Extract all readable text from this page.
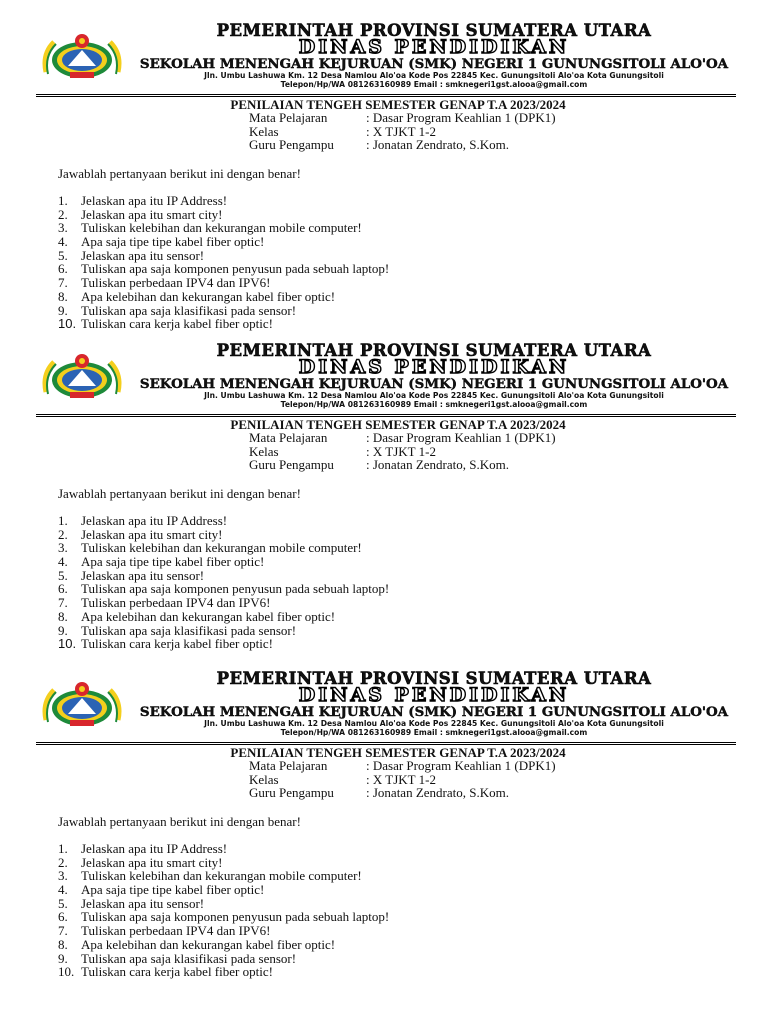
PEMERINTAH PROVINSI SUMATERA UTARA
DINAS PENDIDIKAN
SEKOLAH MENENGAH KEJURUAN (SMK) NEGERI 1 GUNUNGSITOLI ALO'OA
Jln. Umbu Lashuwa Km. 12 Desa Namlou Alo'oa Kode Pos 22845 Kec. Gunungsitoli Alo'oa Kota Gunungsitoli
Telepon/Hp/WA 081263160989 Email : smknegeri1gst.alooa@gmail.com
PENILAIAN TENGEH SEMESTER GENAP T.A 2023/2024
Mata Pelajaran	: Dasar Program Keahlian 1 (DPK1)
Kelas	: X TJKT 1-2
Guru Pengampu	: Jonatan Zendrato, S.Kom.
Jawablah pertanyaan berikut ini dengan benar!
1.	Jelaskan apa itu IP Address!
2.	Jelaskan apa itu smart city!
3.	Tuliskan kelebihan dan kekurangan mobile computer!
4.	Apa saja tipe tipe kabel fiber optic!
5.	Jelaskan apa itu sensor!
6.	Tuliskan apa saja komponen penyusun pada sebuah laptop!
7.	Tuliskan perbedaan IPV4 dan IPV6!
8.	Apa kelebihan dan kekurangan kabel fiber optic!
9.	Tuliskan apa saja klasifikasi pada sensor!
10. Tuliskan cara kerja kabel fiber optic!
PEMERINTAH PROVINSI SUMATERA UTARA
DINAS PENDIDIKAN
SEKOLAH MENENGAH KEJURUAN (SMK) NEGERI 1 GUNUNGSITOLI ALO'OA
Jln. Umbu Lashuwa Km. 12 Desa Namlou Alo'oa Kode Pos 22845 Kec. Gunungsitoli Alo'oa Kota Gunungsitoli
Telepon/Hp/WA 081263160989 Email : smknegeri1gst.alooa@gmail.com
PENILAIAN TENGEH SEMESTER GENAP T.A 2023/2024
Mata Pelajaran	: Dasar Program Keahlian 1 (DPK1)
Kelas	: X TJKT 1-2
Guru Pengampu	: Jonatan Zendrato, S.Kom.
Jawablah pertanyaan berikut ini dengan benar!
1.	Jelaskan apa itu IP Address!
2.	Jelaskan apa itu smart city!
3.	Tuliskan kelebihan dan kekurangan mobile computer!
4.	Apa saja tipe tipe kabel fiber optic!
5.	Jelaskan apa itu sensor!
6.	Tuliskan apa saja komponen penyusun pada sebuah laptop!
7.	Tuliskan perbedaan IPV4 dan IPV6!
8.	Apa kelebihan dan kekurangan kabel fiber optic!
9.	Tuliskan apa saja klasifikasi pada sensor!
10. Tuliskan cara kerja kabel fiber optic!
PEMERINTAH PROVINSI SUMATERA UTARA
DINAS PENDIDIKAN
SEKOLAH MENENGAH KEJURUAN (SMK) NEGERI 1 GUNUNGSITOLI ALO'OA
Jln. Umbu Lashuwa Km. 12 Desa Namlou Alo'oa Kode Pos 22845 Kec. Gunungsitoli Alo'oa Kota Gunungsitoli
Telepon/Hp/WA 081263160989 Email : smknegeri1gst.alooa@gmail.com
PENILAIAN TENGEH SEMESTER GENAP T.A 2023/2024
Mata Pelajaran	: Dasar Program Keahlian 1 (DPK1)
Kelas	: X TJKT 1-2
Guru Pengampu	: Jonatan Zendrato, S.Kom.
Jawablah pertanyaan berikut ini dengan benar!
1.	Jelaskan apa itu IP Address!
2.	Jelaskan apa itu smart city!
3.	Tuliskan kelebihan dan kekurangan mobile computer!
4.	Apa saja tipe tipe kabel fiber optic!
5.	Jelaskan apa itu sensor!
6.	Tuliskan apa saja komponen penyusun pada sebuah laptop!
7.	Tuliskan perbedaan IPV4 dan IPV6!
8.	Apa kelebihan dan kekurangan kabel fiber optic!
9.	Tuliskan apa saja klasifikasi pada sensor!
10. Tuliskan cara kerja kabel fiber optic!
